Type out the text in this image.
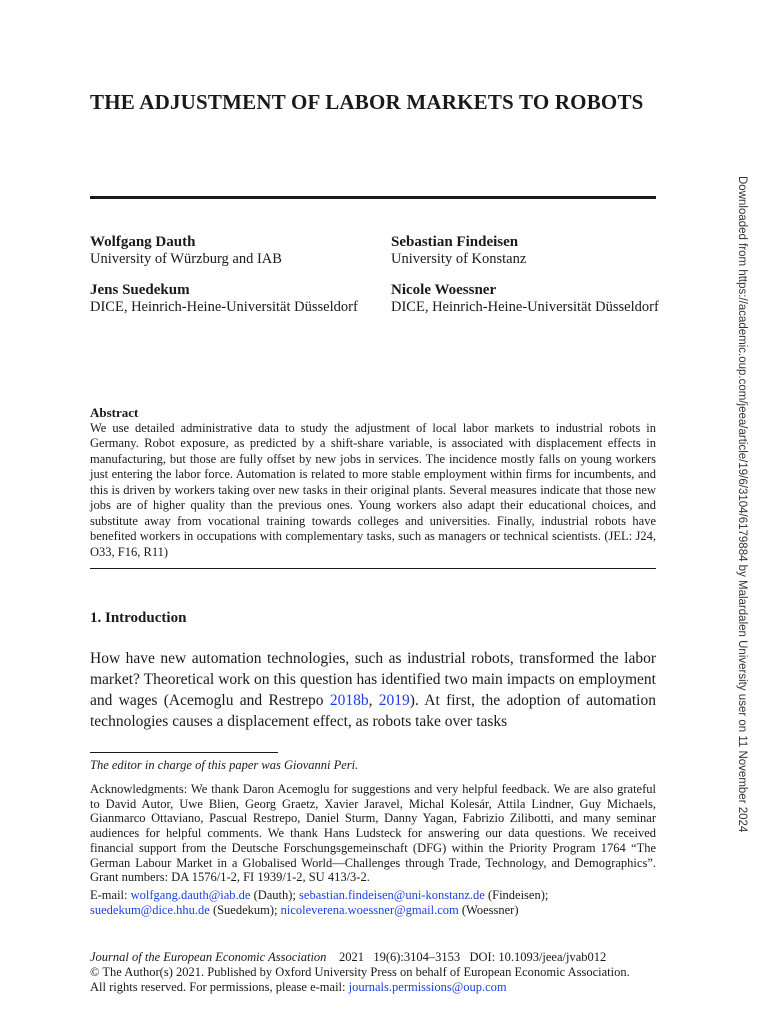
THE ADJUSTMENT OF LABOR MARKETS TO ROBOTS
Wolfgang Dauth
University of Würzburg and IAB
Sebastian Findeisen
University of Konstanz
Jens Suedekum
DICE, Heinrich-Heine-Universität Düsseldorf
Nicole Woessner
DICE, Heinrich-Heine-Universität Düsseldorf
Abstract
We use detailed administrative data to study the adjustment of local labor markets to industrial robots in Germany. Robot exposure, as predicted by a shift-share variable, is associated with displacement effects in manufacturing, but those are fully offset by new jobs in services. The incidence mostly falls on young workers just entering the labor force. Automation is related to more stable employment within firms for incumbents, and this is driven by workers taking over new tasks in their original plants. Several measures indicate that those new jobs are of higher quality than the previous ones. Young workers also adapt their educational choices, and substitute away from vocational training towards colleges and universities. Finally, industrial robots have benefited workers in occupations with complementary tasks, such as managers or technical scientists. (JEL: J24, O33, F16, R11)
1. Introduction
How have new automation technologies, such as industrial robots, transformed the labor market? Theoretical work on this question has identified two main impacts on employment and wages (Acemoglu and Restrepo 2018b, 2019). At first, the adoption of automation technologies causes a displacement effect, as robots take over tasks
The editor in charge of this paper was Giovanni Peri.
Acknowledgments: We thank Daron Acemoglu for suggestions and very helpful feedback. We are also grateful to David Autor, Uwe Blien, Georg Graetz, Xavier Jaravel, Michal Kolesár, Attila Lindner, Guy Michaels, Gianmarco Ottaviano, Pascual Restrepo, Daniel Sturm, Danny Yagan, Fabrizio Zilibotti, and many seminar audiences for helpful comments. We thank Hans Ludsteck for answering our data questions. We received financial support from the Deutsche Forschungsgemeinschaft (DFG) within the Priority Program 1764 “The German Labour Market in a Globalised World—Challenges through Trade, Technology, and Demographics”. Grant numbers: DA 1576/1-2, FI 1939/1-2, SU 413/3-2.
E-mail: wolfgang.dauth@iab.de (Dauth); sebastian.findeisen@uni-konstanz.de (Findeisen);
suedekum@dice.hhu.de (Suedekum); nicoleverena.woessner@gmail.com (Woessner)
Journal of the European Economic Association 2021 19(6):3104–3153 DOI: 10.1093/jeea/jvab012
© The Author(s) 2021. Published by Oxford University Press on behalf of European Economic Association.
All rights reserved. For permissions, please e-mail: journals.permissions@oup.com
Downloaded from https://academic.oup.com/jeea/article/19/6/3104/6179884 by Malardalen University user on 11 November 2024
